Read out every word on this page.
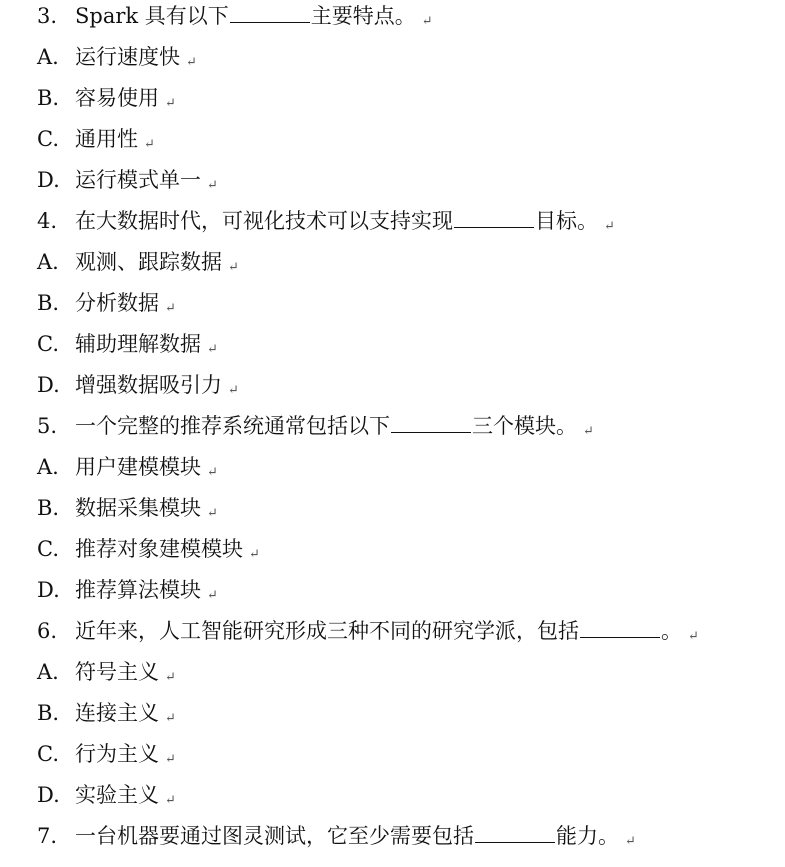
3. Spark 具有以下	主要特点。↵
A. 运行速度快↵
B. 容易使用↵
C. 通用性↵
D. 运行模式单一↵
4. 在大数据时代，可视化技术可以支持实现	目标。↵
A. 观测、跟踪数据↵
B. 分析数据↵
C. 辅助理解数据↵
D. 增强数据吸引力↵
5. 一个完整的推荐系统通常包括以下	三个模块。↵
A. 用户建模模块↵
B. 数据采集模块↵
C. 推荐对象建模模块↵
D. 推荐算法模块↵
6. 近年来，人工智能研究形成三种不同的研究学派，包括	。↵
A. 符号主义↵
B. 连接主义↵
C. 行为主义↵
D. 实验主义↵
7. 一台机器要通过图灵测试，它至少需要包括	能力。↵
